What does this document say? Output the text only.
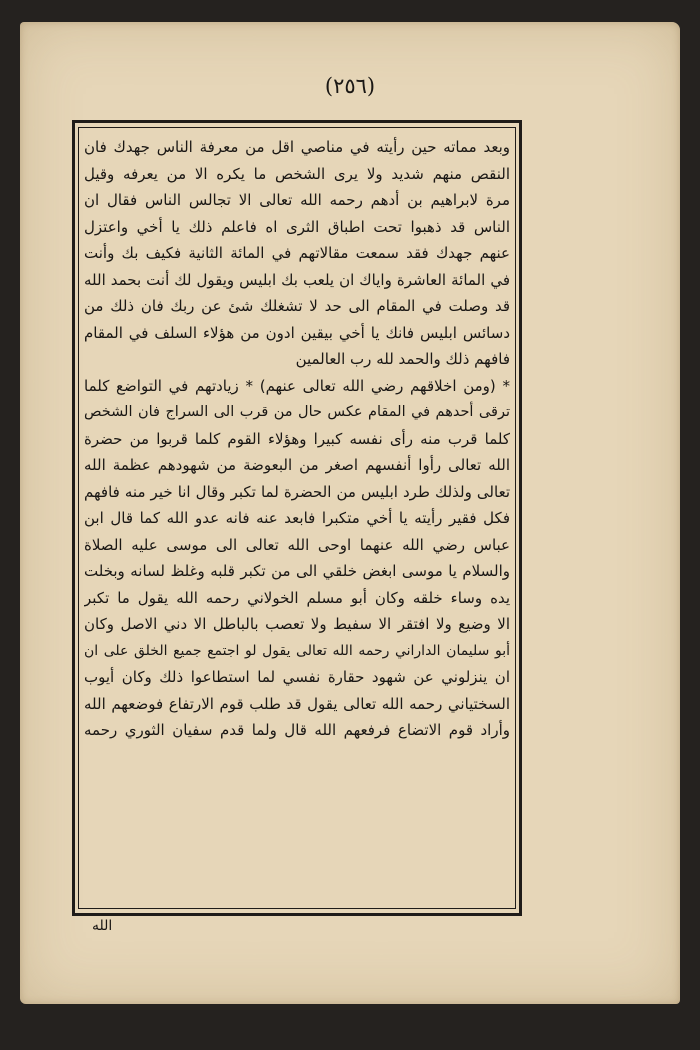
(٢٥٦)
وبعد مماته حين رأيته في مناصي اقل من معرفة الناس جهدك فان
النقص منهم شديد ولا يرى الشخص ما يكره الا من يعرفه وقيل
مرة لابراهيم بن أدهم رحمه الله تعالى الا تجالس الناس فقال ان
الناس قد ذهبوا تحت اطباق الثرى اه فاعلم ذلك يا أخي واعتزل
عنهم جهدك فقد سمعت مقالاتهم في المائة الثانية فكيف بك وأنت
في المائة العاشرة واياك ان يلعب بك ابليس ويقول لك أنت بحمد الله
قد وصلت في المقام الى حد لا تشغلك شئ عن ربك فان ذلك من
دسائس ابليس فانك يا أخي بيقين ادون من هؤلاء السلف في المقام
فافهم ذلك والحمد لله رب العالمين
* (ومن اخلاقهم رضي الله تعالى عنهم) * زيادتهم في التواضع كلما
ترقى أحدهم في المقام عكس حال من قرب الى السراج فان الشخص
كلما قرب منه رأى نفسه كبيرا وهؤلاء القوم كلما قربوا من حضرة
الله تعالى رأوا أنفسهم اصغر من البعوضة من شهودهم عظمة الله
تعالى ولذلك طرد ابليس من الحضرة لما تكبر وقال انا خير منه فافهم
فكل فقير رأيته يا أخي متكبرا فابعد عنه فانه عدو الله كما قال ابن
عباس رضي الله عنهما اوحى الله تعالى الى موسى عليه الصلاة
والسلام يا موسى ابغض خلقي الى من تكبر قلبه وغلظ لسانه وبخلت
يده وساء خلقه وكان أبو مسلم الخولاني رحمه الله يقول ما تكبر
الا وضيع ولا افتقر الا سفيط ولا تعصب بالباطل الا دني الاصل وكان
أبو سليمان الداراني رحمه الله تعالى يقول لو اجتمع جميع الخلق على ان
ان ينزلوني عن شهود حقارة نفسي لما استطاعوا ذلك وكان أيوب
السختياني رحمه الله تعالى يقول قد طلب قوم الارتفاع فوضعهم الله
وأراد قوم الاتضاع فرفعهم الله قال ولما قدم سفيان الثوري رحمه
الله
